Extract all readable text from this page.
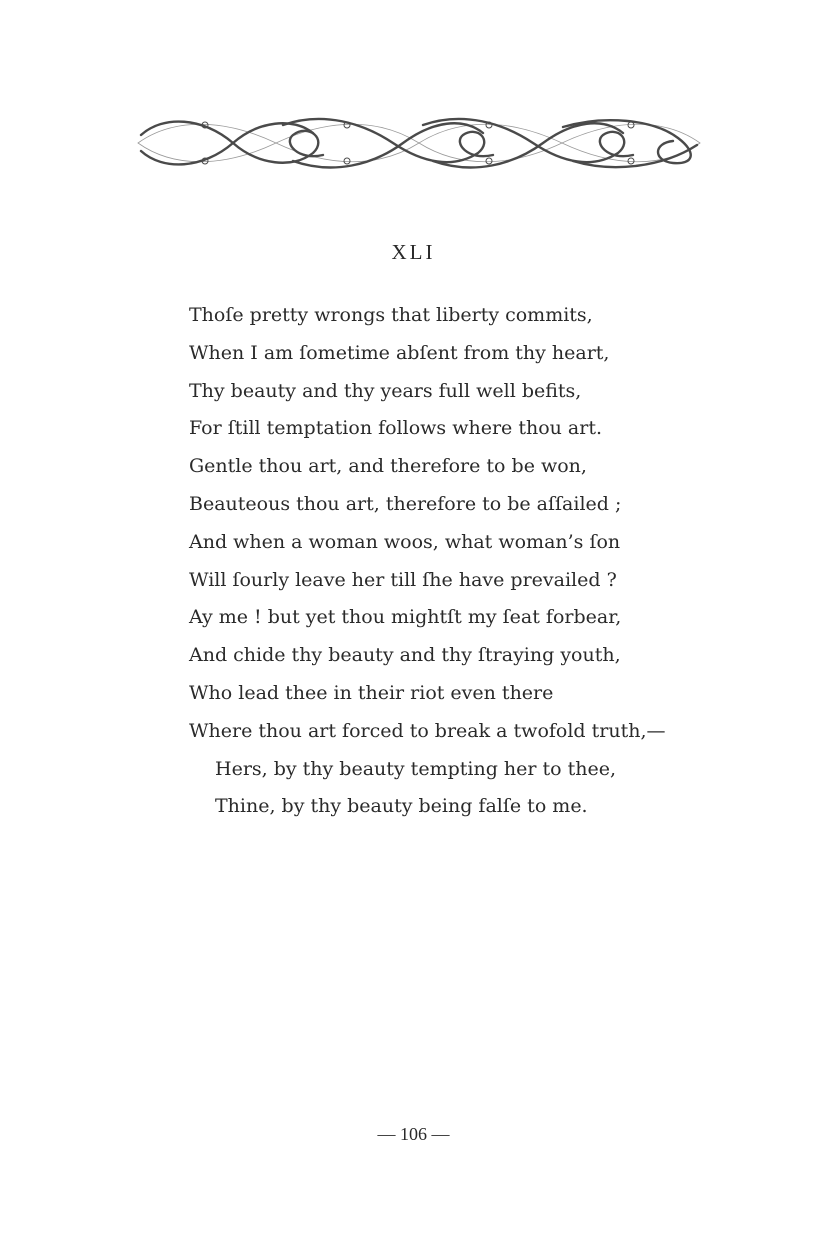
XLI
Thoſe pretty wrongs that liberty commits,
When I am ſometime abſent from thy heart,
Thy beauty and thy years full well befits,
For ſtill temptation follows where thou art.
Gentle thou art, and therefore to be won,
Beauteous thou art, therefore to be aſſailed ;
And when a woman woos, what woman’s ſon
Will ſourly leave her till ſhe have prevailed ?
Ay me ! but yet thou mightſt my ſeat forbear,
And chide thy beauty and thy ſtraying youth,
Who lead thee in their riot even there
Where thou art forced to break a twofold truth,—
Hers, by thy beauty tempting her to thee,
Thine, by thy beauty being falſe to me.
— 106 —
